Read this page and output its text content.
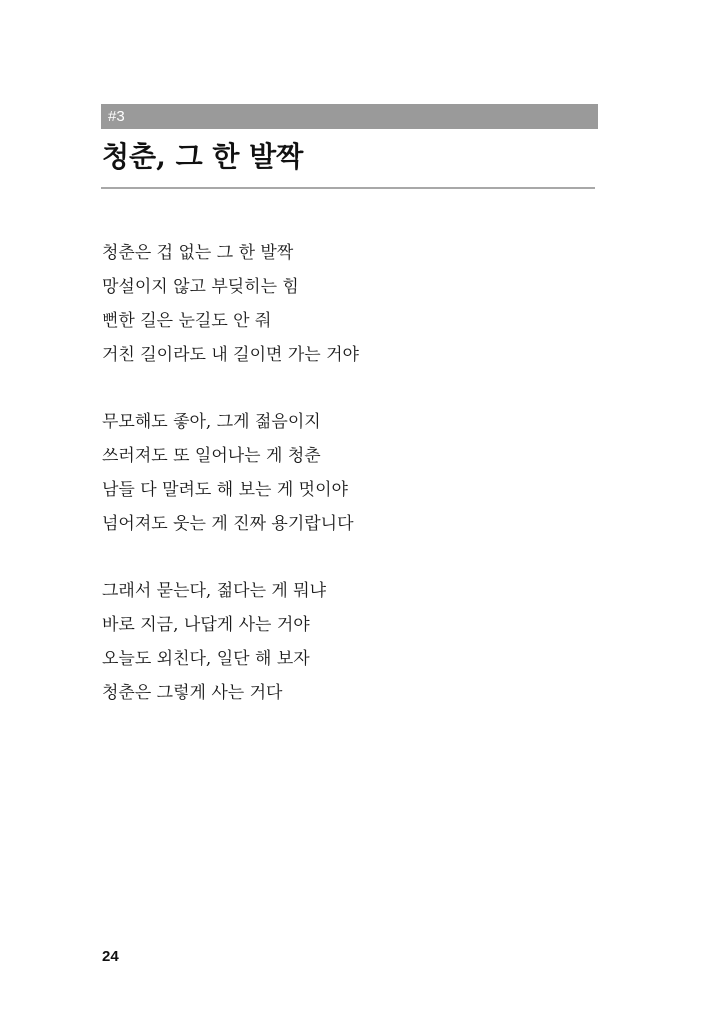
#3
청춘, 그 한 발짝
청춘은 겁 없는 그 한 발짝
망설이지 않고 부딪히는 힘
뻔한 길은 눈길도 안 줘
거친 길이라도 내 길이면 가는 거야
무모해도 좋아, 그게 젊음이지
쓰러져도 또 일어나는 게 청춘
남들 다 말려도 해 보는 게 멋이야
넘어져도 웃는 게 진짜 용기랍니다
그래서 묻는다, 젊다는 게 뭐냐
바로 지금, 나답게 사는 거야
오늘도 외친다, 일단 해 보자
청춘은 그렇게 사는 거다
24
